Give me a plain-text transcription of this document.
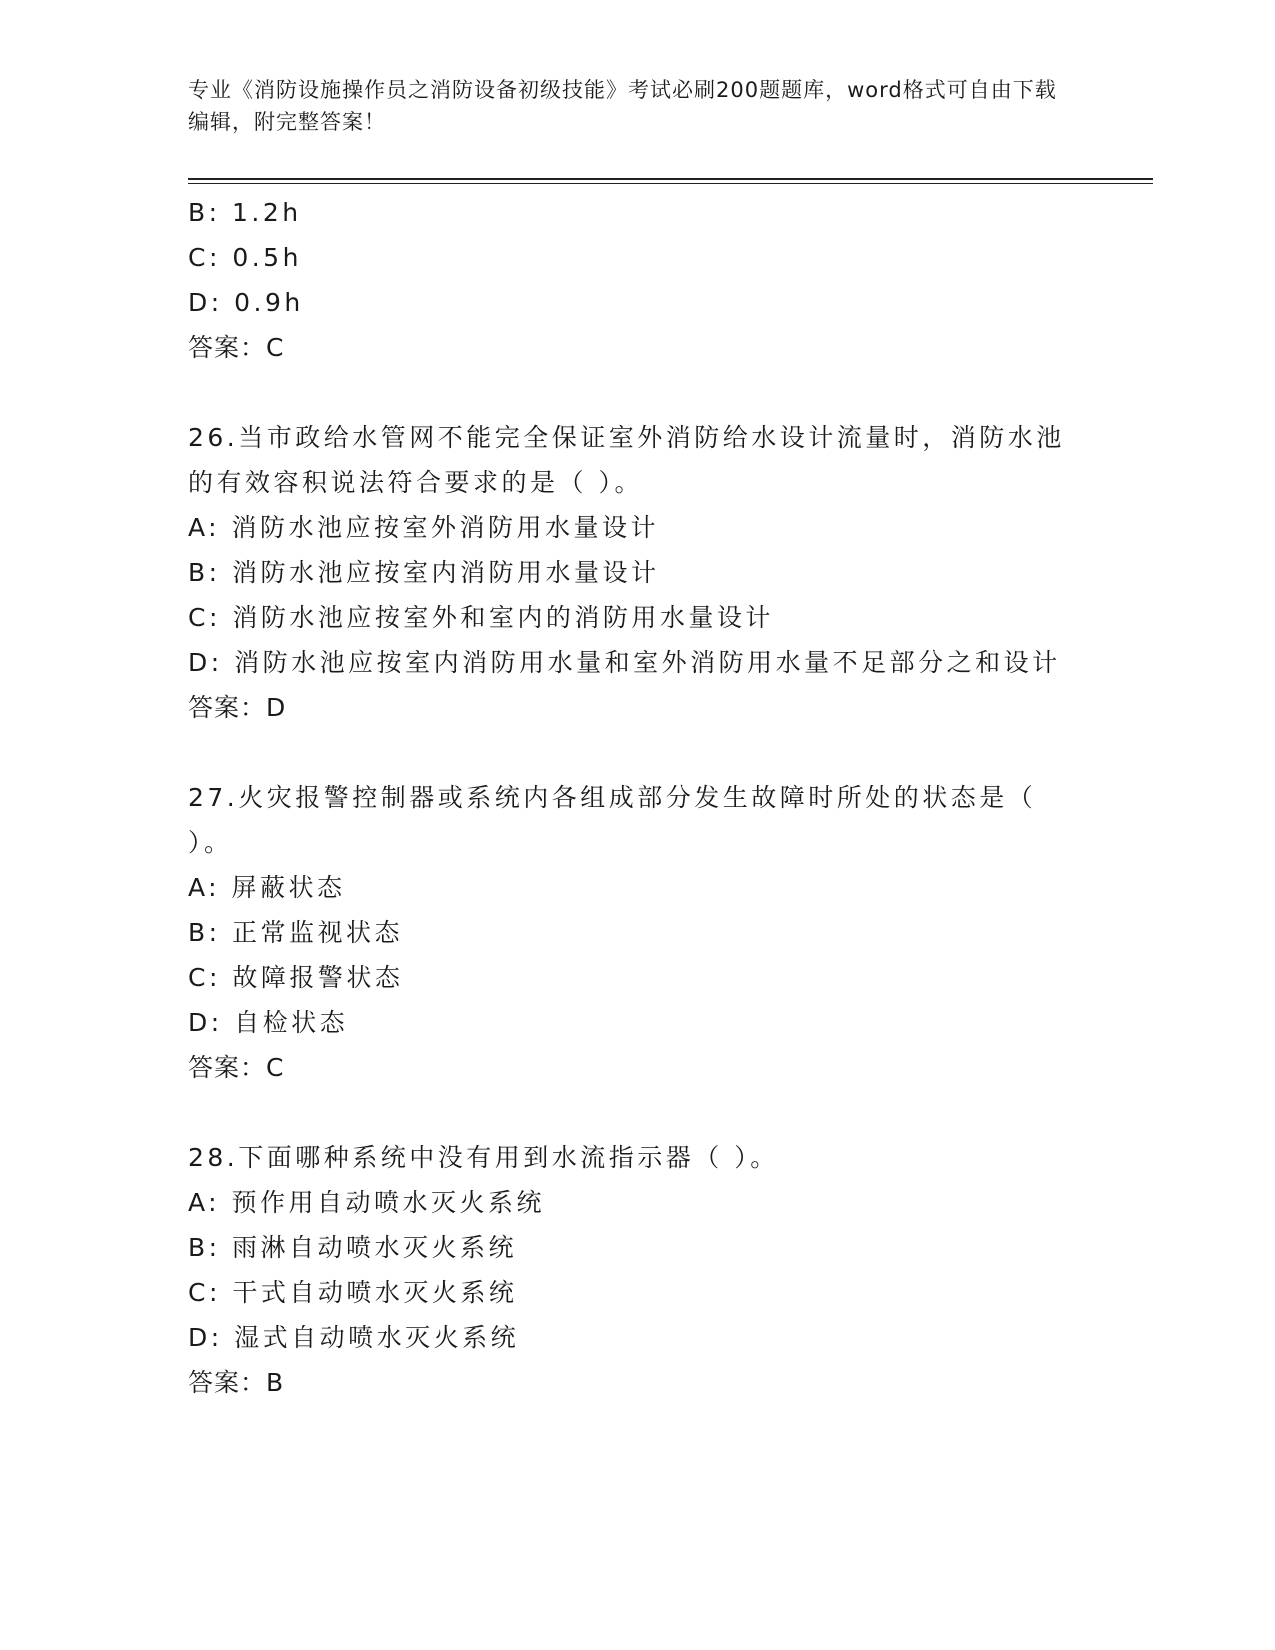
专业《消防设施操作员之消防设备初级技能》考试必刷200题题库，word格式可自由下载编辑，附完整答案！
B: 1.2h
C: 0.5h
D: 0.9h
答案：C
26.当市政给水管网不能完全保证室外消防给水设计流量时，消防水池的有效容积说法符合要求的是（ ）。
A: 消防水池应按室外消防用水量设计
B: 消防水池应按室内消防用水量设计
C: 消防水池应按室外和室内的消防用水量设计
D: 消防水池应按室内消防用水量和室外消防用水量不足部分之和设计
答案：D
27.火灾报警控制器或系统内各组成部分发生故障时所处的状态是（ ）。
A: 屏蔽状态
B: 正常监视状态
C: 故障报警状态
D: 自检状态
答案：C
28.下面哪种系统中没有用到水流指示器（ ）。
A: 预作用自动喷水灭火系统
B: 雨淋自动喷水灭火系统
C: 干式自动喷水灭火系统
D: 湿式自动喷水灭火系统
答案：B
